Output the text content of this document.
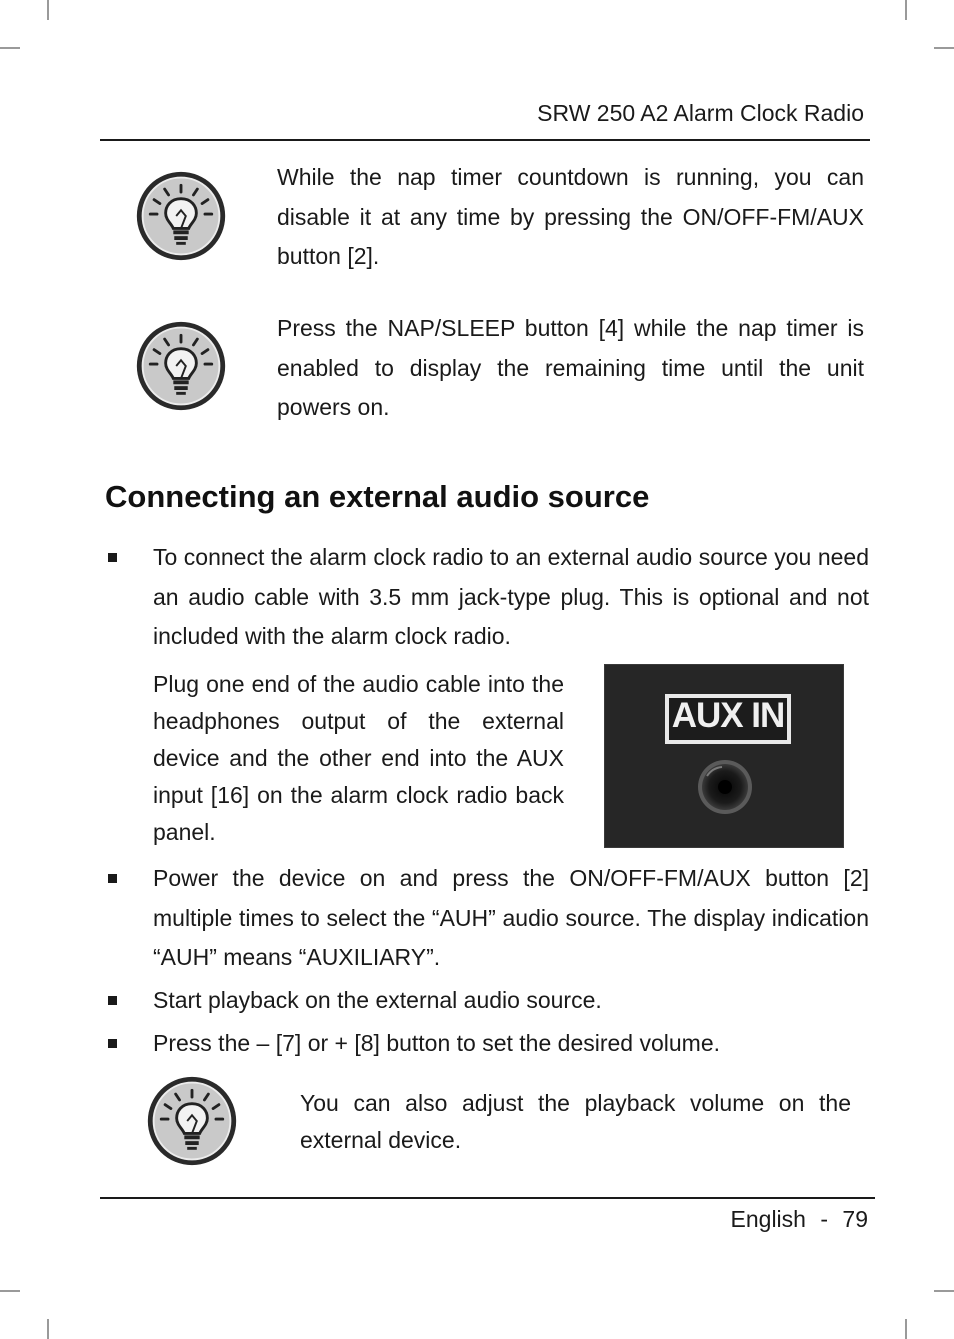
SRW 250 A2 Alarm Clock Radio
While the nap timer countdown is running, you can disable it at any time by pressing the ON/OFF-FM/AUX button [2].
Press the NAP/SLEEP button [4] while the nap timer is enabled to display the remaining time until the unit powers on.
Connecting an external audio source
To connect the alarm clock radio to an external audio source you need an audio cable with 3.5 mm jack-type plug. This is optional and not included with the alarm clock radio.
Plug one end of the audio cable into the headphones output of the external device and the other end into the AUX input [16] on the alarm clock radio back panel.
AUX IN
Power the device on and press the ON/OFF-FM/AUX button [2] multiple times to select the “AUH” audio source. The display indication “AUH” means “AUXILIARY”.
Start playback on the external audio source.
Press the – [7] or + [8] button to set the desired volume.
You can also adjust the playback volume on the external device.
English - 79
